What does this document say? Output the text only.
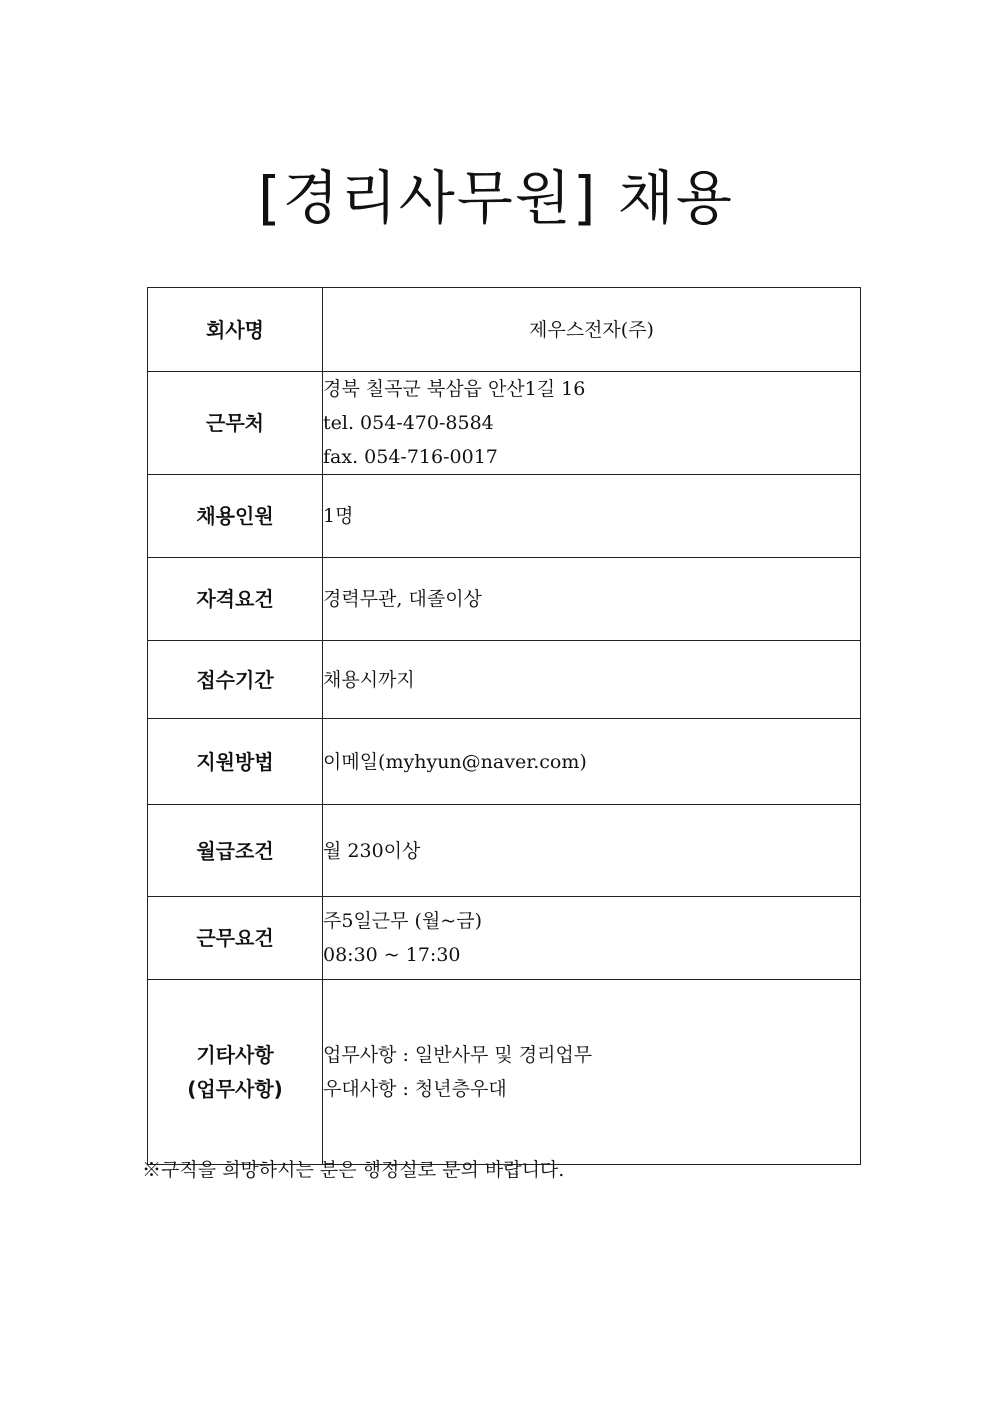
[경리사무원] 채용
회사명	제우스전자(주)

근무처	경북 칠곡군 북삼읍 안산1길 16
tel. 054-470-8584
fax. 054-716-0017

채용인원	1명

자격요건	경력무관, 대졸이상

접수기간	채용시까지

지원방법	이메일(myhyun@naver.com)

월급조건	월 230이상

근무요건	주5일근무 (월~금)
08:30 ~ 17:30

기타사항
(업무사항)	업무사항 : 일반사무 및 경리업무
우대사항 : 청년층우대
※구직을 희망하시는 분은 행정실로 문의 바랍니다.
